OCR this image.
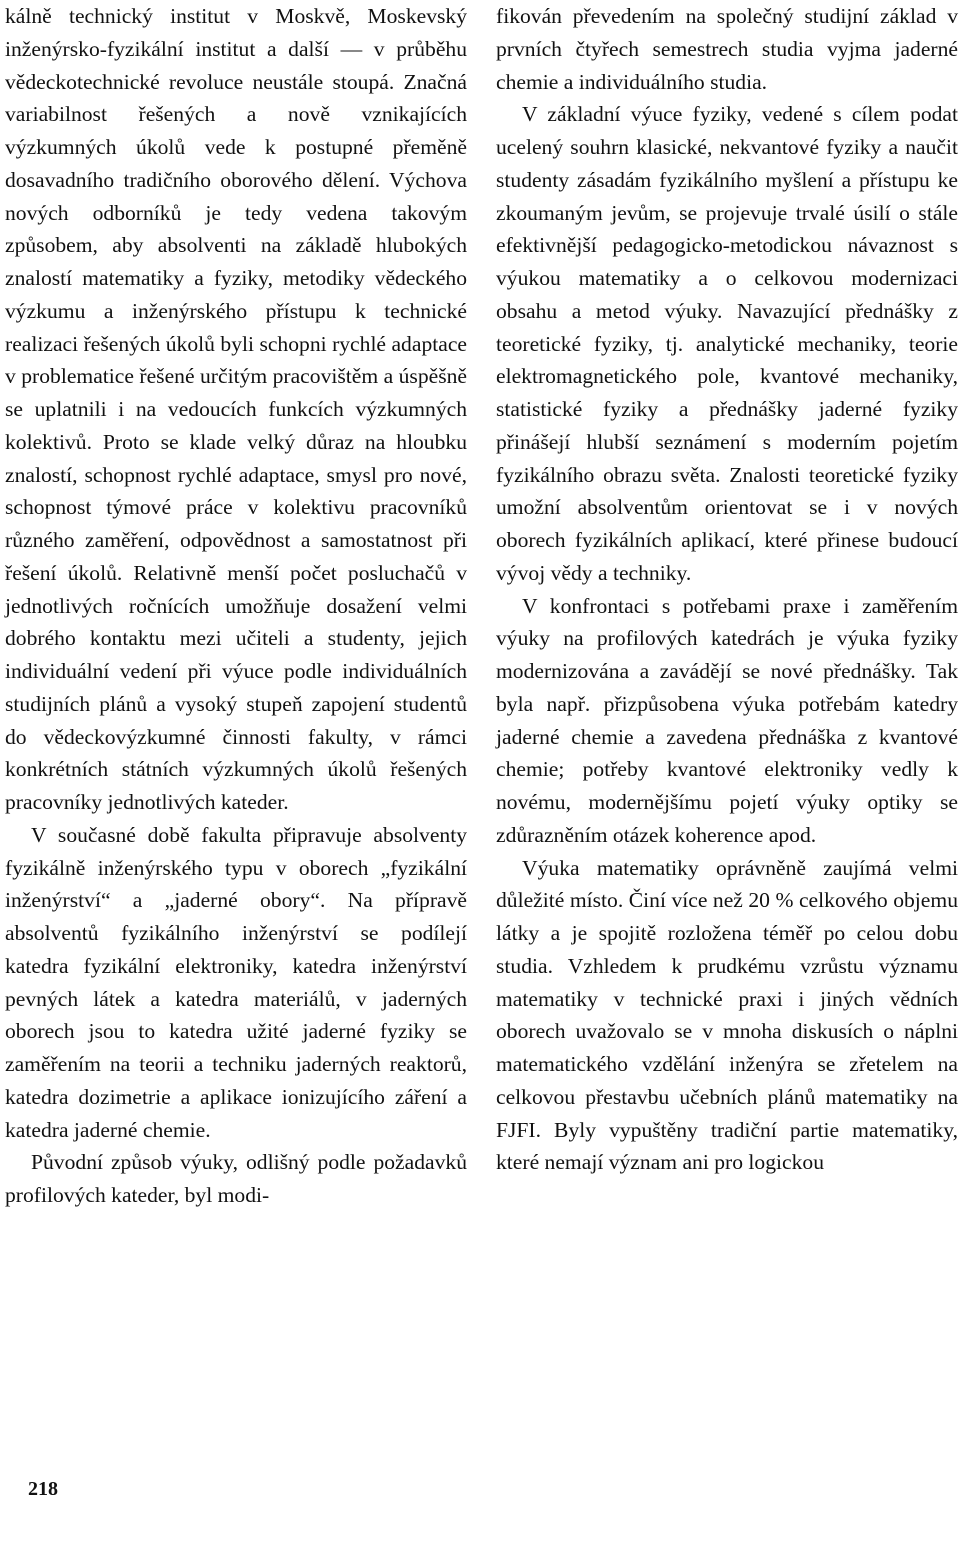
kálně technický institut v Moskvě, Moskevský inženýrsko-fyzikální institut a další — v průběhu vědeckotechnické revoluce neustále stoupá. Značná variabilnost řešených a nově vznikajících výzkumných úkolů vede k postupné přeměně dosavadního tradičního oborového dělení. Výchova nových odborníků je tedy vedena takovým způsobem, aby absolventi na základě hlubokých znalostí matematiky a fyziky, metodiky vědeckého výzkumu a inženýrského přístupu k technické realizaci řešených úkolů byli schopni rychlé adaptace v problematice řešené určitým pracovištěm a úspěšně se uplatnili i na vedoucích funkcích výzkumných kolektivů. Proto se klade velký důraz na hloubku znalostí, schopnost rychlé adaptace, smysl pro nové, schopnost týmové práce v kolektivu pracovníků různého zaměření, odpovědnost a samostatnost při řešení úkolů. Relativně menší počet posluchačů v jednotlivých ročnících umožňuje dosažení velmi dobrého kontaktu mezi učiteli a studenty, jejich individuální vedení při výuce podle individuálních studijních plánů a vysoký stupeň zapojení studentů do vědeckovýzkumné činnosti fakulty, v rámci konkrétních státních výzkumných úkolů řešených pracovníky jednotlivých kateder.

V současné době fakulta připravuje absolventy fyzikálně inženýrského typu v oborech „fyzikální inženýrství“ a „jaderné obory“. Na přípravě absolventů fyzikálního inženýrství se podílejí katedra fyzikální elektroniky, katedra inženýrství pevných látek a katedra materiálů, v jaderných oborech jsou to katedra užité jaderné fyziky se zaměřením na teorii a techniku jaderných reaktorů, katedra dozimetrie a aplikace ionizujícího záření a katedra jaderné chemie.

Původní způsob výuky, odlišný podle požadavků profilových kateder, byl modi-

fikován převedením na společný studijní základ v prvních čtyřech semestrech studia vyjma jaderné chemie a individuálního studia.

V základní výuce fyziky, vedené s cílem podat ucelený souhrn klasické, nekvantové fyziky a naučit studenty zásadám fyzikálního myšlení a přístupu ke zkoumaným jevům, se projevuje trvalé úsilí o stále efektivnější pedagogicko-metodickou návaznost s výukou matematiky a o celkovou modernizaci obsahu a metod výuky. Navazující přednášky z teoretické fyziky, tj. analytické mechaniky, teorie elektromagnetického pole, kvantové mechaniky, statistické fyziky a přednášky jaderné fyziky přinášejí hlubší seznámení s moderním pojetím fyzikálního obrazu světa. Znalosti teoretické fyziky umožní absolventům orientovat se i v nových oborech fyzikálních aplikací, které přinese budoucí vývoj vědy a techniky.

V konfrontaci s potřebami praxe i zaměřením výuky na profilových katedrách je výuka fyziky modernizována a zavádějí se nové přednášky. Tak byla např. přizpůsobena výuka potřebám katedry jaderné chemie a zavedena přednáška z kvantové chemie; potřeby kvantové elektroniky vedly k novému, modernějšímu pojetí výuky optiky se zdůrazněním otázek koherence apod.

Výuka matematiky oprávněně zaujímá velmi důležité místo. Činí více než 20 % celkového objemu látky a je spojitě rozložena téměř po celou dobu studia. Vzhledem k prudkému vzrůstu významu matematiky v technické praxi i jiných vědních oborech uvažovalo se v mnoha diskusích o náplni matematického vzdělání inženýra se zřetelem na celkovou přestavbu učebních plánů matematiky na FJFI. Byly vypuštěny tradiční partie matematiky, které nemají význam ani pro logickou

218
